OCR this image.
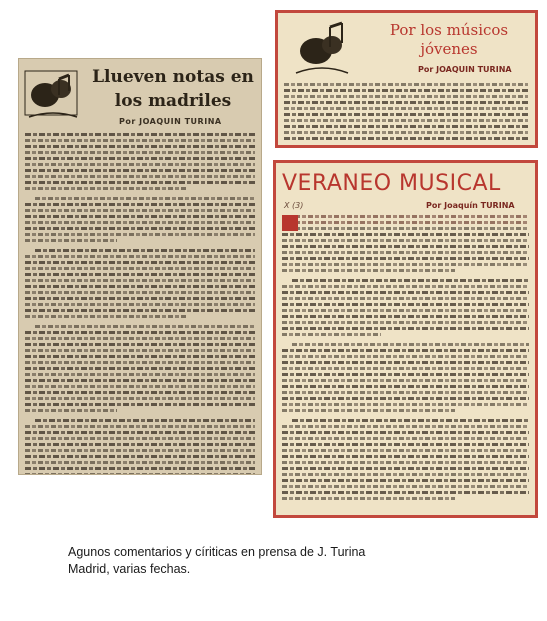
Llueven notas en los madriles
Por JOAQUIN TURINA
Por los músicos jóvenes
Por JOAQUIN TURINA
VERANEO MUSICAL
X (3)	Por Joaquín TURINA
Agunos comentarios y círiticas en prensa de J. Turina
Madrid, varias fechas.
